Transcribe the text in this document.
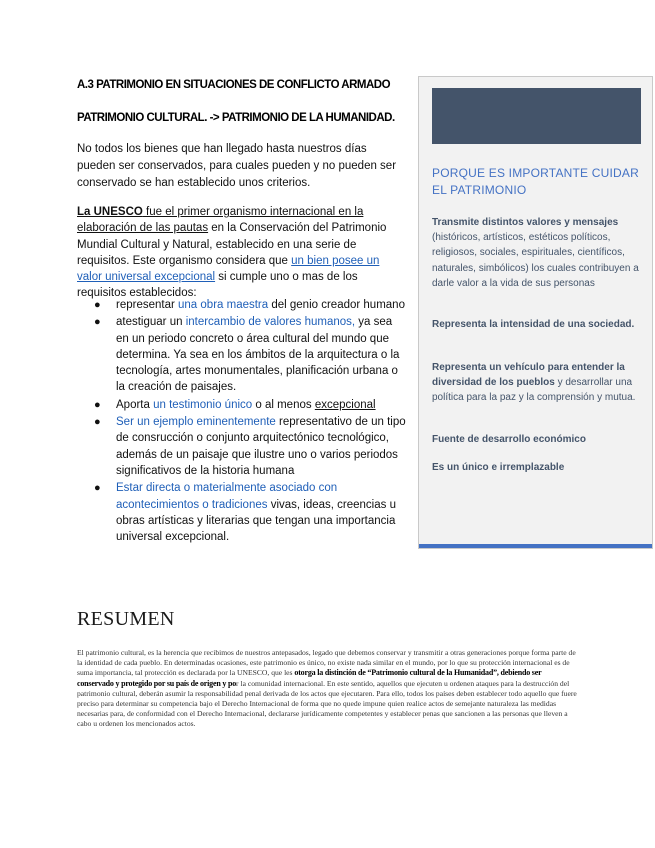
A.3 PATRIMONIO EN SITUACIONES DE CONFLICTO ARMADO
PATRIMONIO CULTURAL. -> PATRIMONIO DE LA HUMANIDAD.
No todos los bienes que han llegado hasta nuestros días pueden ser conservados, para cuales pueden y no pueden ser conservado se han establecido unos criterios.
La UNESCO fue el primer organismo internacional en la elaboración de las pautas en la Conservación del Patrimonio Mundial Cultural y Natural, establecido en una serie de requisitos. Este organismo considera que un bien posee un valor universal excepcional si cumple uno o mas de los requisitos establecidos:
● representar una obra maestra del genio creador humano
● atestiguar un intercambio de valores humanos, ya sea en un periodo concreto o área cultural del mundo que determina. Ya sea en los ámbitos de la arquitectura o la tecnología, artes monumentales, planificación urbana o la creación de paisajes.
● Aporta un testimonio único o al menos excepcional
● Ser un ejemplo eminentemente representativo de un tipo de consrucción o conjunto arquitectónico tecnológico, además de un paisaje que ilustre uno o varios periodos significativos de la historia humana
● Estar directa o materialmente asociado con acontecimientos o tradiciones vivas, ideas, creencias u obras artísticas y literarias que tengan una importancia universal excepcional.
PORQUE ES IMPORTANTE CUIDAR EL PATRIMONIO
Transmite distintos valores y mensajes (históricos, artísticos, estéticos políticos, religiosos, sociales, espirituales, científicos, naturales, simbólicos) los cuales contribuyen a darle valor a la vida de sus personas
Representa la intensidad de una sociedad.
Representa un vehículo para entender la diversidad de los pueblos y desarrollar una política para la paz y la comprensión y mutua.
Fuente de desarrollo económico
Es un único e irremplazable
RESUMEN
El patrimonio cultural, es la herencia que recibimos de nuestros antepasados, legado que debemos conservar y transmitir a otras generaciones porque forma parte de la identidad de cada pueblo. En determinadas ocasiones, este patrimonio es único, no existe nada similar en el mundo, por lo que su protección internacional es de suma importancia, tal protección es declarada por la UNESCO, que les otorga la distinción de “Patrimonio cultural de la Humanidad”, debiendo ser conservado y protegido por su país de origen y por la comunidad internacional. En este sentido, aquellos que ejecuten u ordenen ataques para la destrucción del patrimonio cultural, deberán asumir la responsabilidad penal derivada de los actos que ejecutaren. Para ello, todos los países deben establecer todo aquello que fuere preciso para determinar su competencia bajo el Derecho Internacional de forma que no quede impune quien realice actos de semejante naturaleza las medidas necesarias para, de conformidad con el Derecho Internacional, declararse jurídicamente competentes y establecer penas que sancionen a las personas que lleven a cabo u ordenen los mencionados actos.
